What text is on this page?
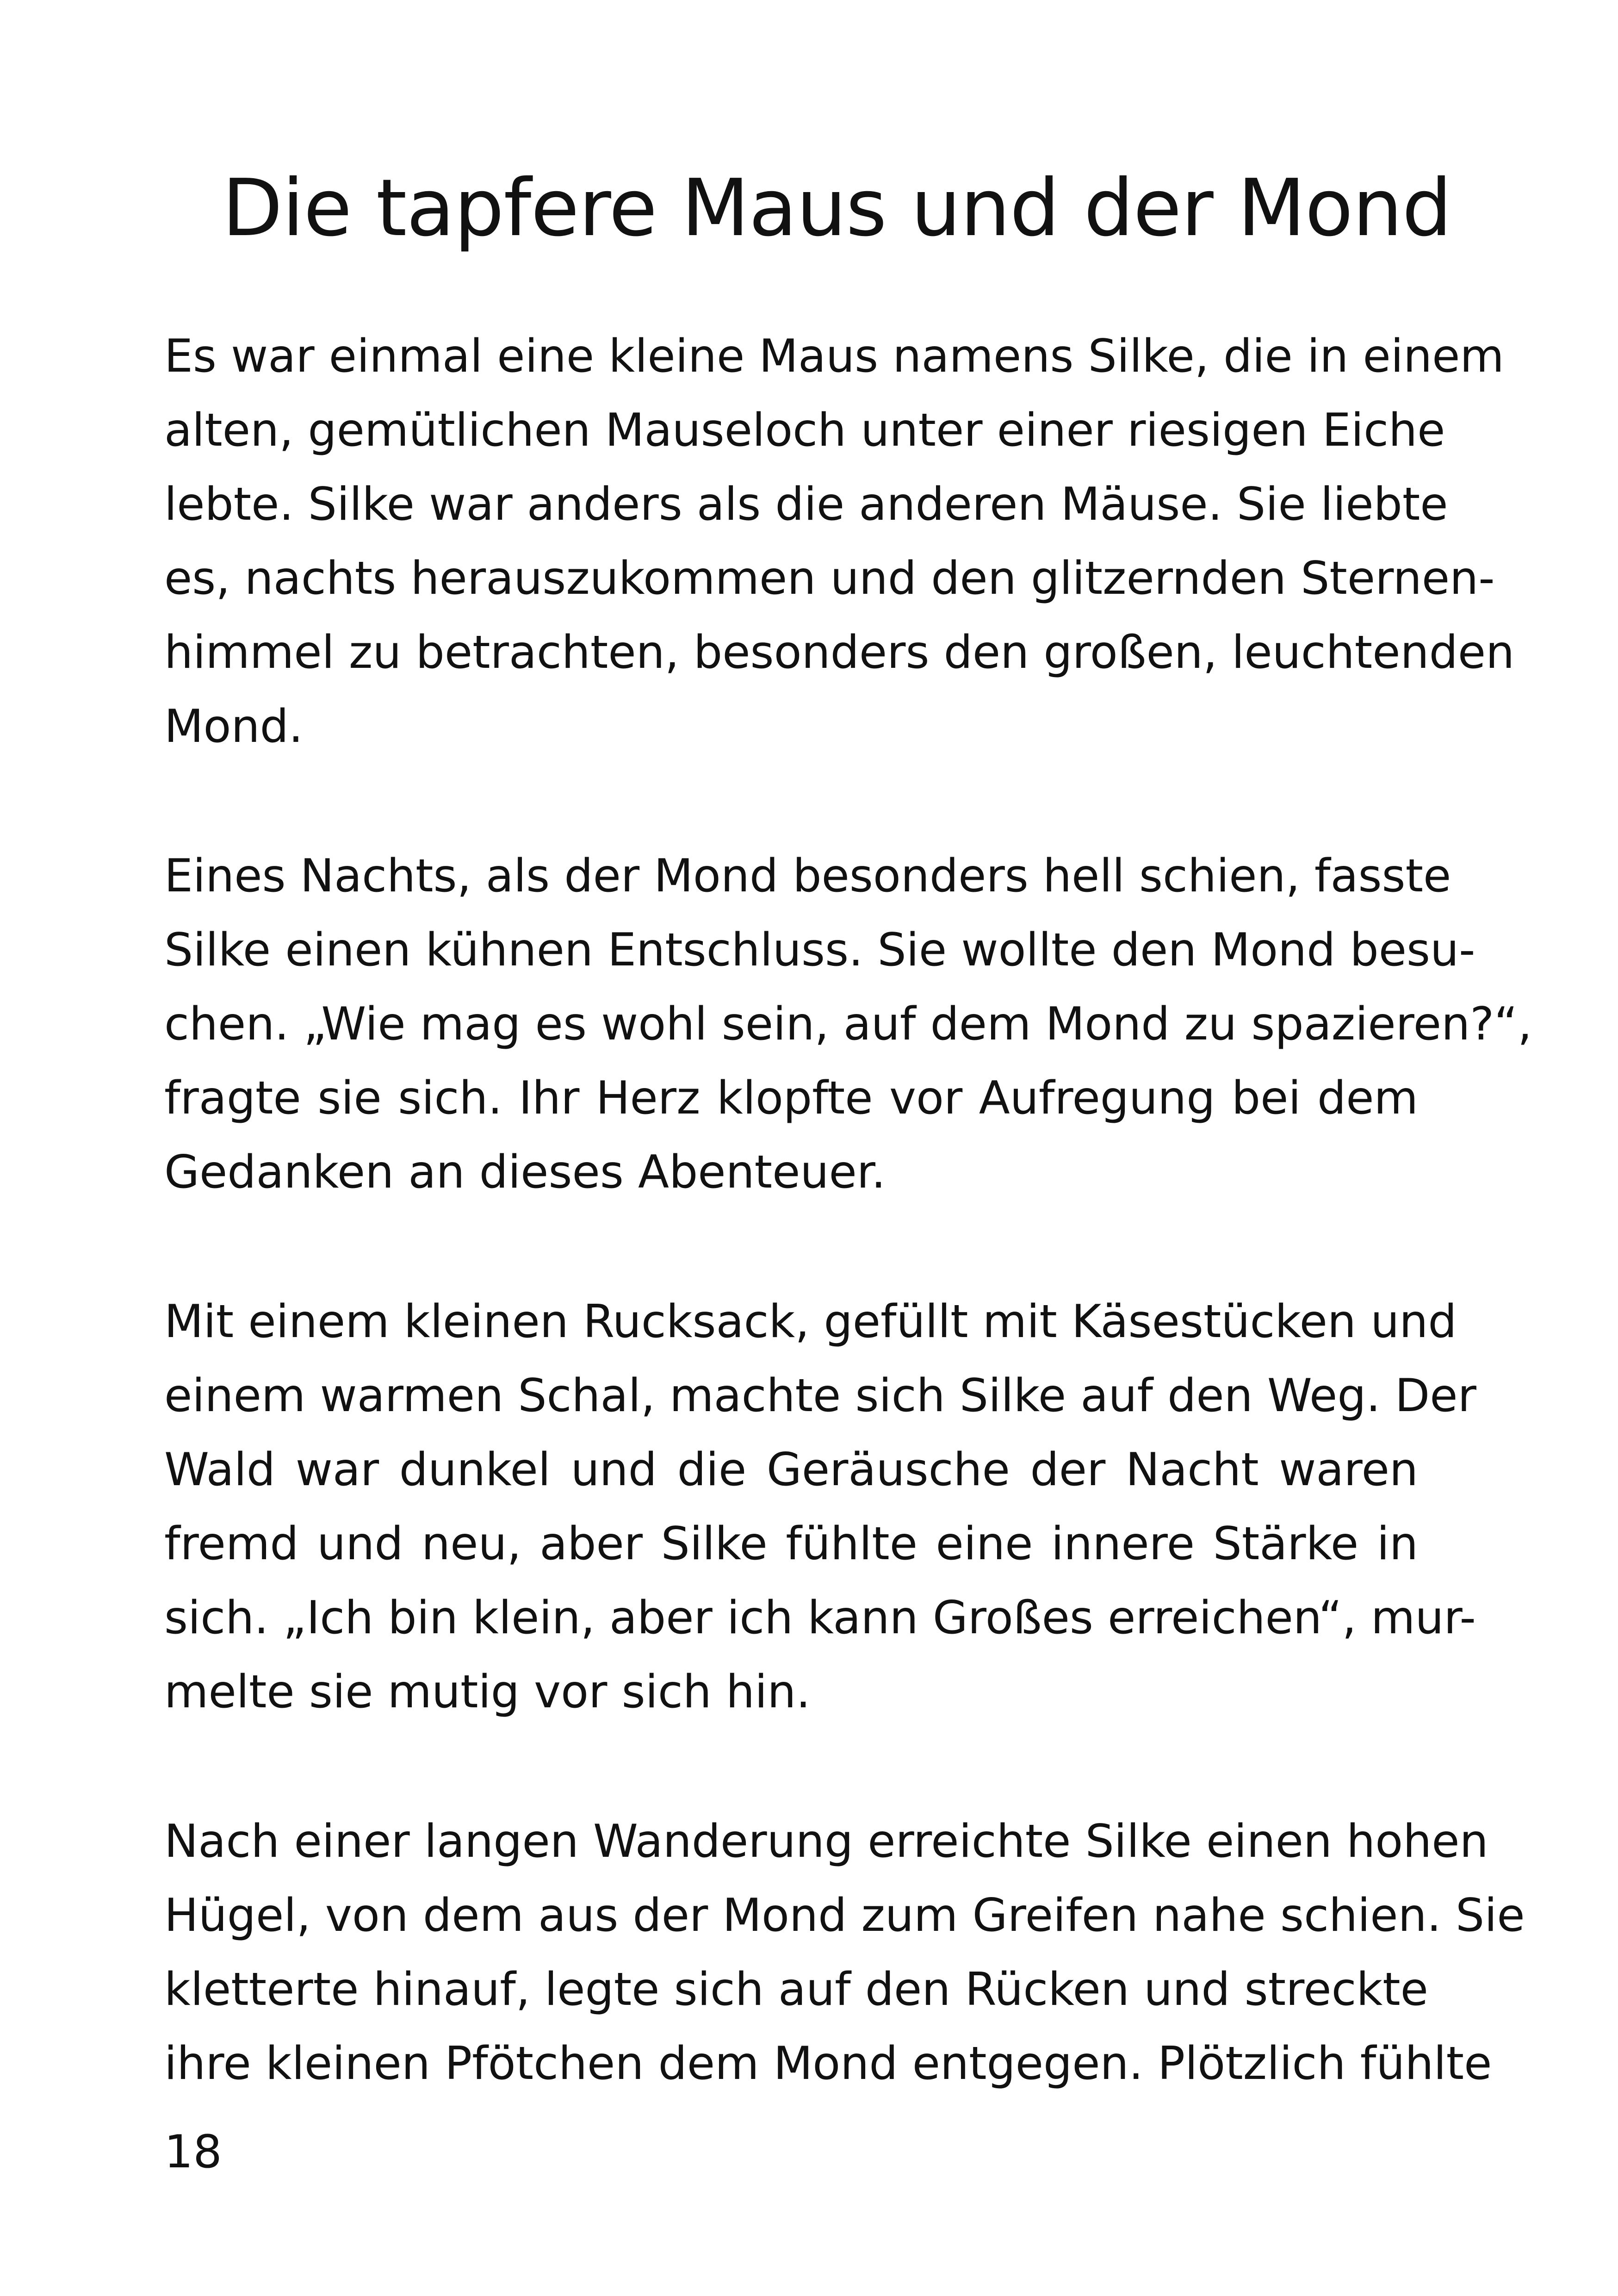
Die tapfere Maus und der Mond

Es war einmal eine kleine Maus namens Silke, die in einem
alten, gemütlichen Mauseloch unter einer riesigen Eiche
lebte. Silke war anders als die anderen Mäuse. Sie liebte
es, nachts herauszukommen und den glitzernden Sternen-
himmel zu betrachten, besonders den großen, leuchtenden
Mond.

Eines Nachts, als der Mond besonders hell schien, fasste
Silke einen kühnen Entschluss. Sie wollte den Mond besu-
chen. „Wie mag es wohl sein, auf dem Mond zu spazieren?“,
fragte sie sich. Ihr Herz klopfte vor Aufregung bei dem
Gedanken an dieses Abenteuer.

Mit einem kleinen Rucksack, gefüllt mit Käsestücken und
einem warmen Schal, machte sich Silke auf den Weg. Der
Wald war dunkel und die Geräusche der Nacht waren
fremd und neu, aber Silke fühlte eine innere Stärke in
sich. „Ich bin klein, aber ich kann Großes erreichen“, mur-
melte sie mutig vor sich hin.

Nach einer langen Wanderung erreichte Silke einen hohen
Hügel, von dem aus der Mond zum Greifen nahe schien. Sie
kletterte hinauf, legte sich auf den Rücken und streckte
ihre kleinen Pfötchen dem Mond entgegen. Plötzlich fühlte

18
